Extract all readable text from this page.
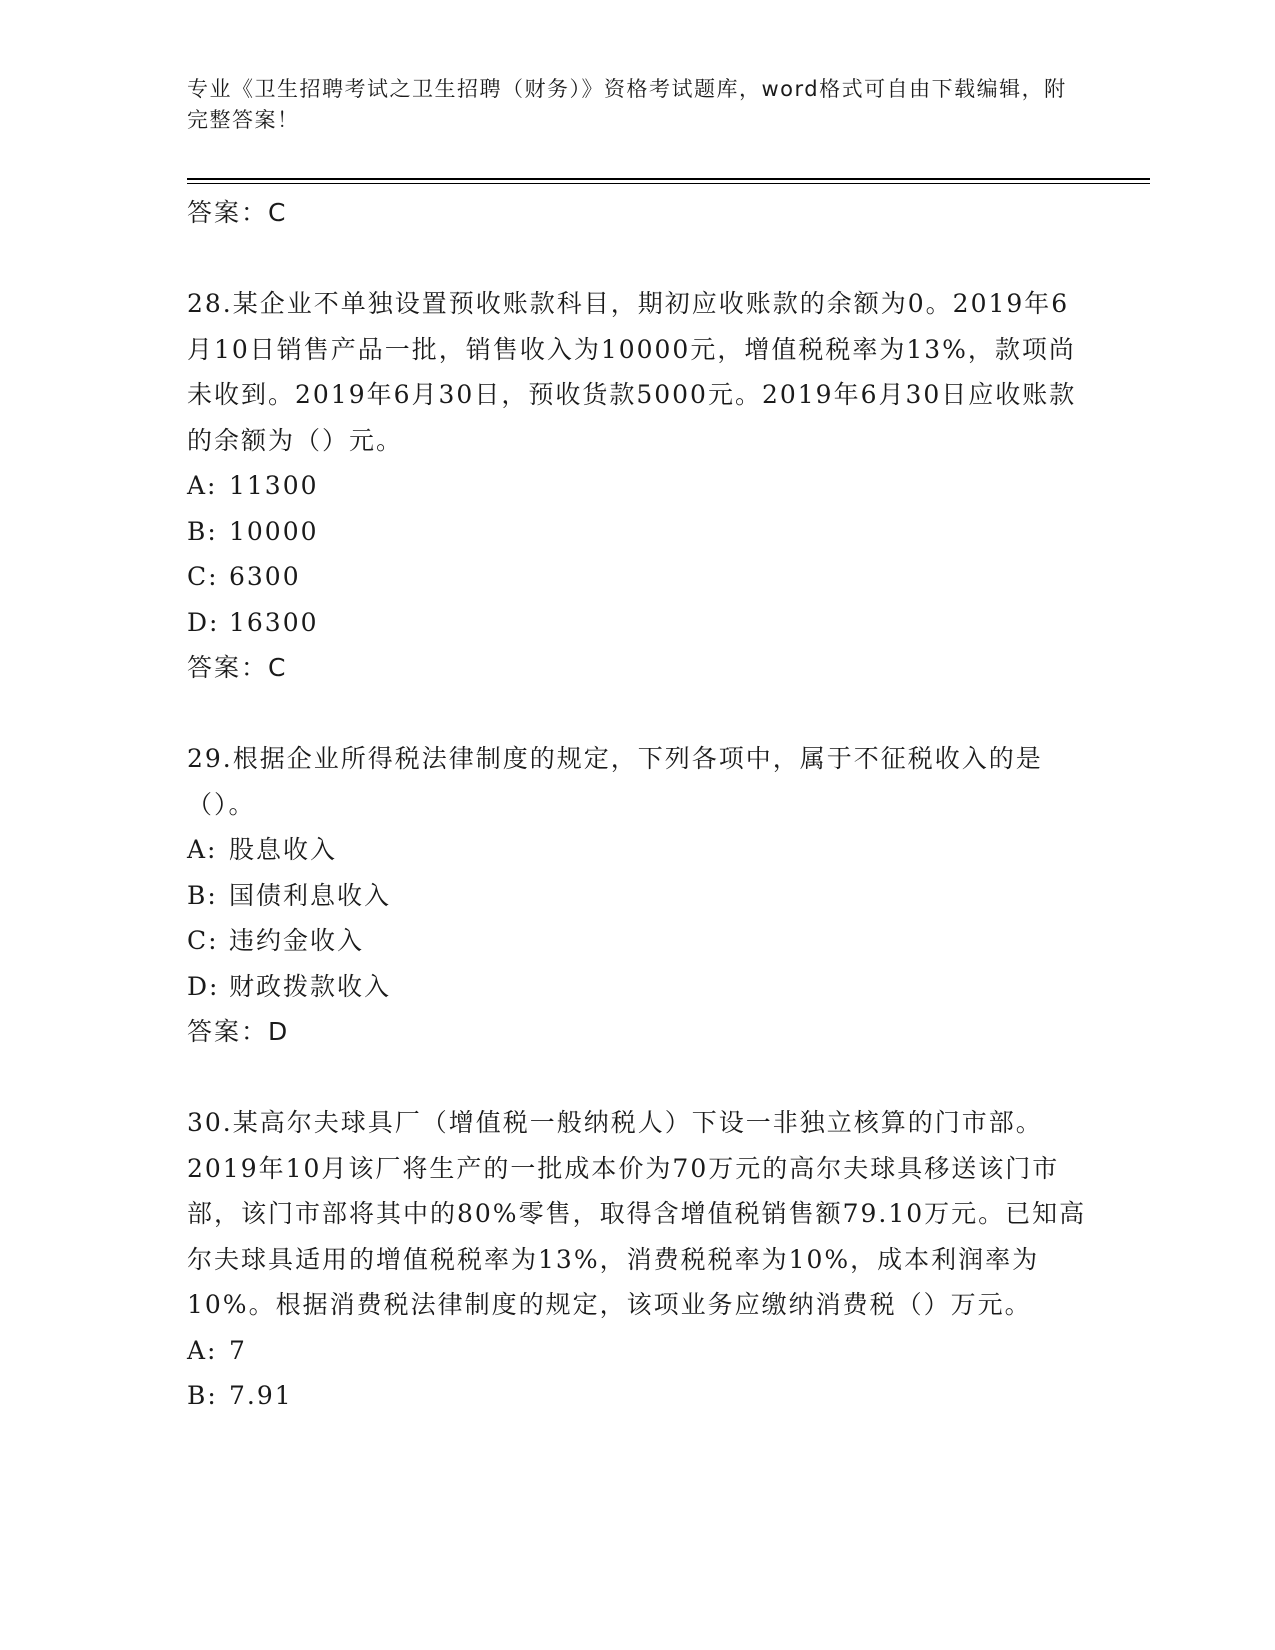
专业《卫生招聘考试之卫生招聘（财务）》资格考试题库，word格式可自由下载编辑，附完整答案！
答案：C
28.某企业不单独设置预收账款科目，期初应收账款的余额为0。2019年6月10日销售产品一批，销售收入为10000元，增值税税率为13%，款项尚未收到。2019年6月30日，预收货款5000元。2019年6月30日应收账款的余额为（）元。
A: 11300
B: 10000
C: 6300
D: 16300
答案：C
29.根据企业所得税法律制度的规定，下列各项中，属于不征税收入的是（）。
A: 股息收入
B: 国债利息收入
C: 违约金收入
D: 财政拨款收入
答案：D
30.某高尔夫球具厂（增值税一般纳税人）下设一非独立核算的门市部。2019年10月该厂将生产的一批成本价为70万元的高尔夫球具移送该门市部，该门市部将其中的80%零售，取得含增值税销售额79.10万元。已知高尔夫球具适用的增值税税率为13%，消费税税率为10%，成本利润率为10%。根据消费税法律制度的规定，该项业务应缴纳消费税（）万元。
A: 7
B: 7.91
